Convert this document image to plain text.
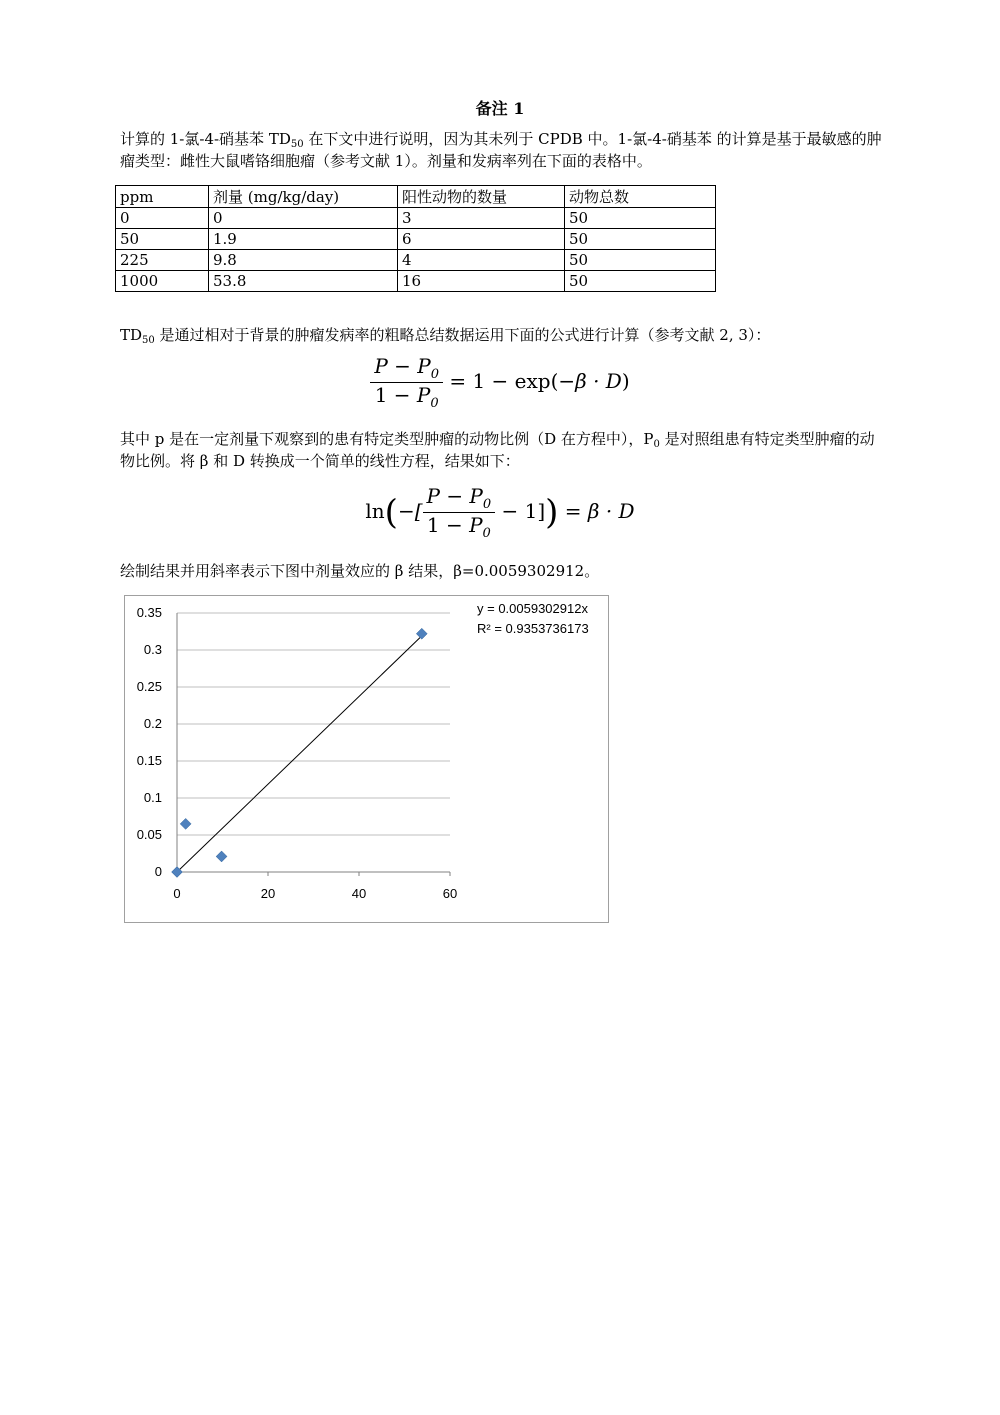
备注 1
计算的 1-氯-4-硝基苯 $TD_{50}$ 在下文中进行说明，因为其未列于 CPDB 中。1-氯-4-硝基苯 的计算是基于最敏感的肿瘤类型：雌性大鼠嗜铬细胞瘤（参考文献 1）。剂量和发病率列在下面的表格中。
ppm	剂量 (mg/kg/day)	阳性动物的数量	动物总数
0	0	3	50
50	1.9	6	50
225	9.8	4	50
1000	53.8	16	50
$TD_{50}$ 是通过相对于背景的肿瘤发病率的粗略总结数据运用下面的公式进行计算（参考文献 2, 3）：
$\frac{P - P_0}{1 - P_0} = 1 - \exp(-\beta \cdot D)$
其中 p 是在一定剂量下观察到的患有特定类型肿瘤的动物比例（D 在方程中），$P_0$ 是对照组患有特定类型肿瘤的动物比例。将 β 和 D 转换成一个简单的线性方程，结果如下：
$\ln(-[ \frac{P - P_0}{1 - P_0} - 1]) = \beta \cdot D$
绘制结果并用斜率表示下图中剂量效应的 β 结果，β=0.0059302912。
0
0.05
0.1
0.15
0.2
0.25
0.3
0.35
0	20	40	60
y = 0.0059302912x
R² = 0.9353736173
